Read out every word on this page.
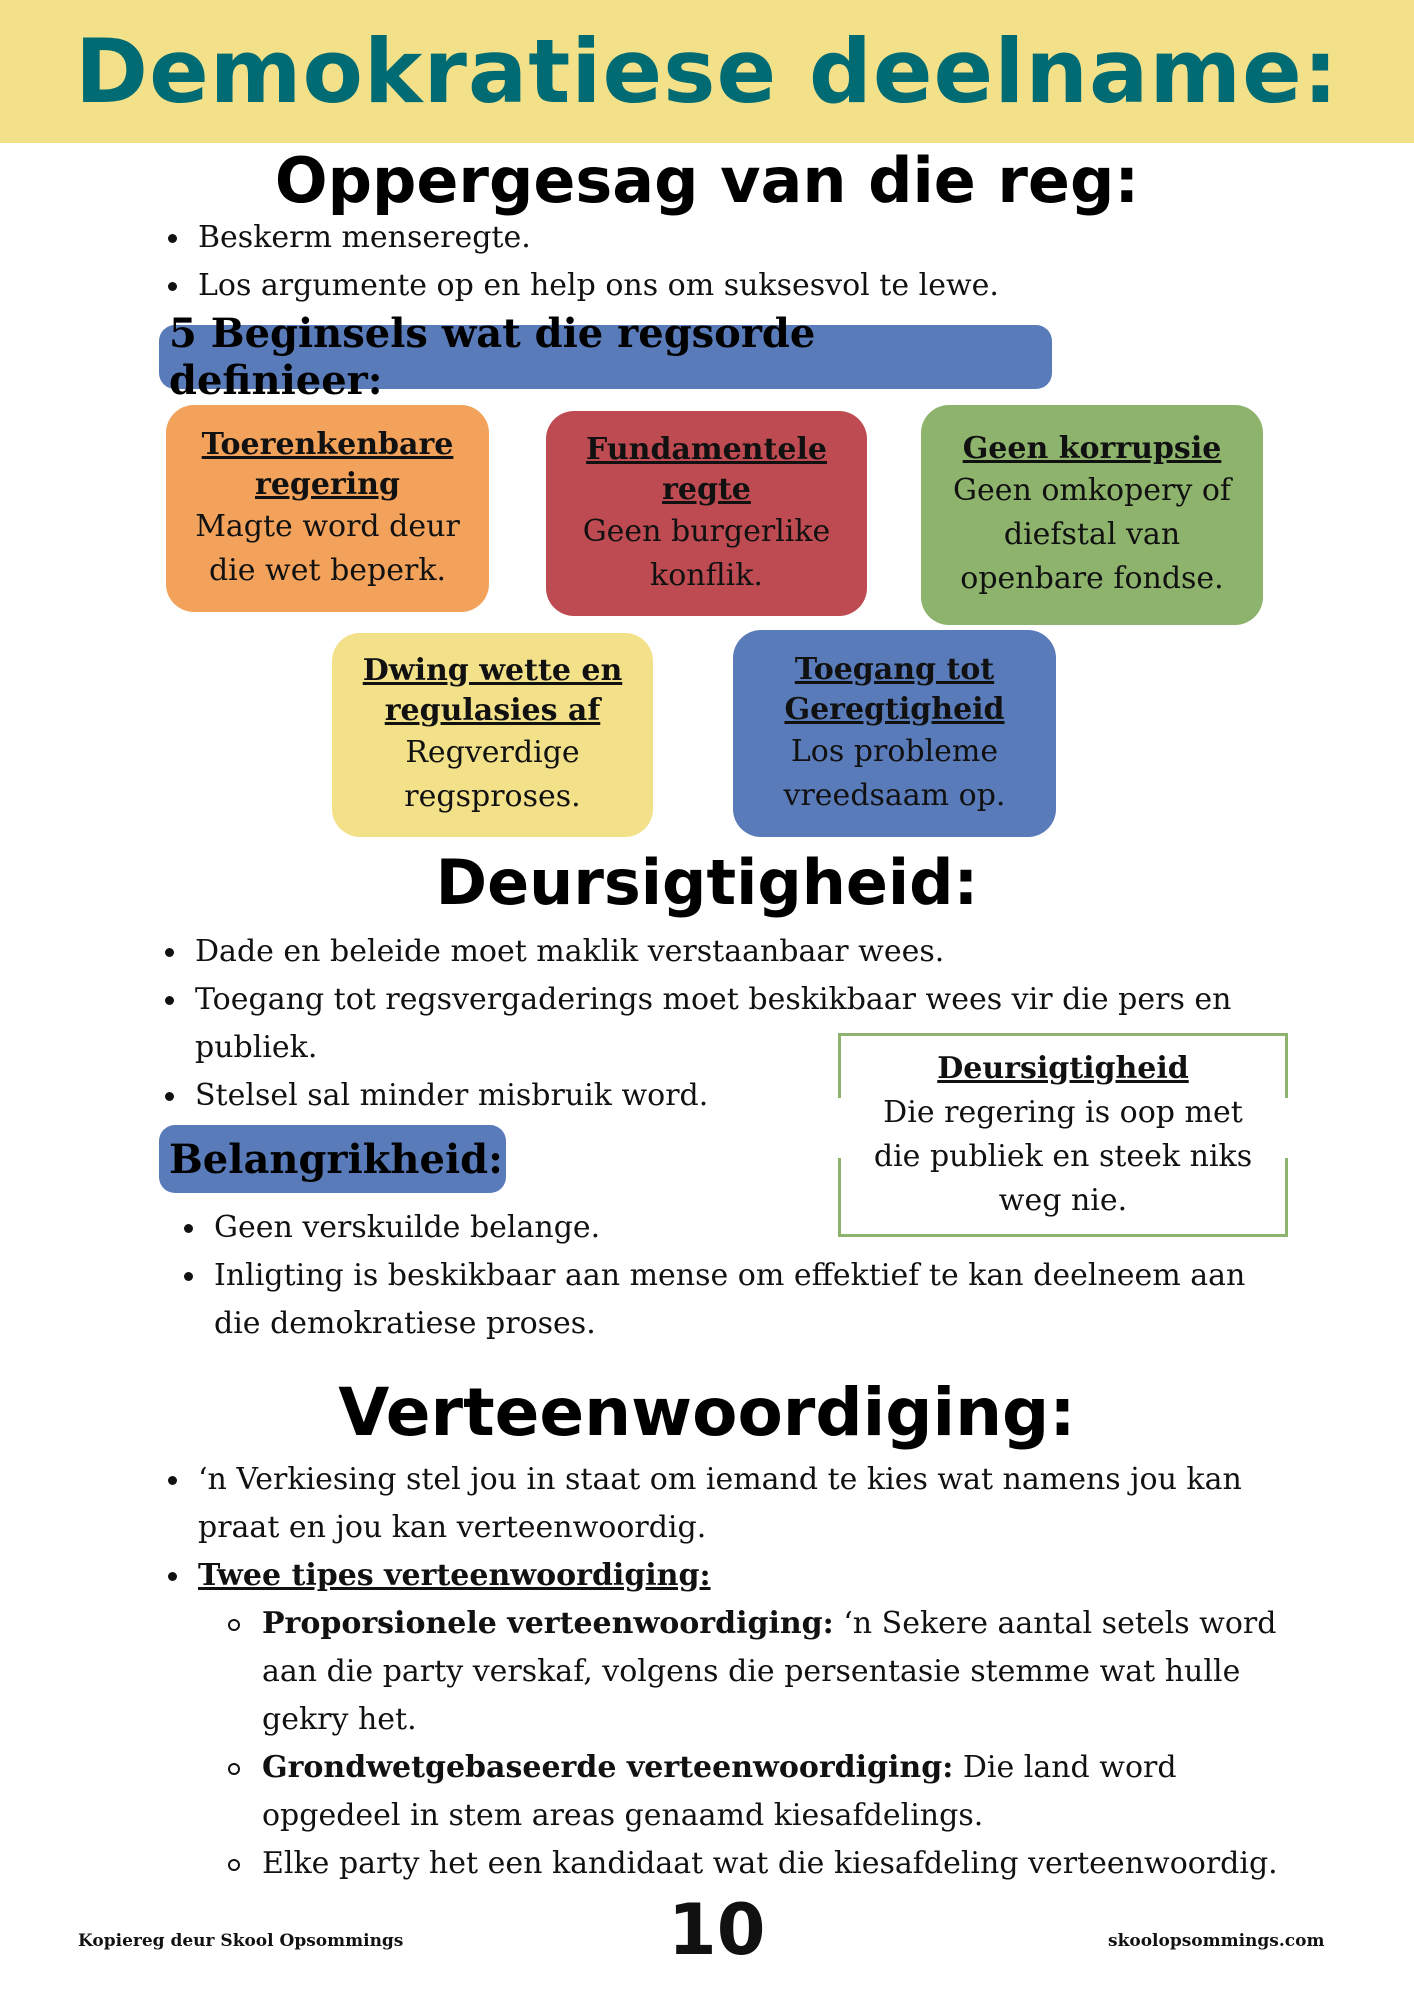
Demokratiese deelname:
Oppergesag van die reg:
Beskerm menseregte.
Los argumente op en help ons om suksesvol te lewe.
5 Beginsels wat die regsorde definieer:
Toerenkenbare regering
Magte word deur die wet beperk.
Fundamentele regte
Geen burgerlike konflik.
Geen korrupsie
Geen omkopery of diefstal van openbare fondse.
Dwing wette en regulasies af
Regverdige regsproses.
Toegang tot Geregtigheid
Los probleme vreedsaam op.
Deursigtigheid:
Dade en beleide moet maklik verstaanbaar wees.
Toegang tot regsvergaderings moet beskikbaar wees vir die pers en publiek.
Stelsel sal minder misbruik word.
Deursigtigheid
Die regering is oop met die publiek en steek niks weg nie.
Belangrikheid:
Geen verskuilde belange.
Inligting is beskikbaar aan mense om effektief te kan deelneem aan die demokratiese proses.
Verteenwoordiging:
‘n Verkiesing stel jou in staat om iemand te kies wat namens jou kan praat en jou kan verteenwoordig.
Twee tipes verteenwoordiging:
Proporsionele verteenwoordiging: ‘n Sekere aantal setels word aan die party verskaf, volgens die persentasie stemme wat hulle gekry het.
Grondwetgebaseerde verteenwoordiging: Die land word opgedeel in stem areas genaamd kiesafdelings.
Elke party het een kandidaat wat die kiesafdeling verteenwoordig.
Kopiereg deur Skool Opsommings	10	skoolopsommings.com
